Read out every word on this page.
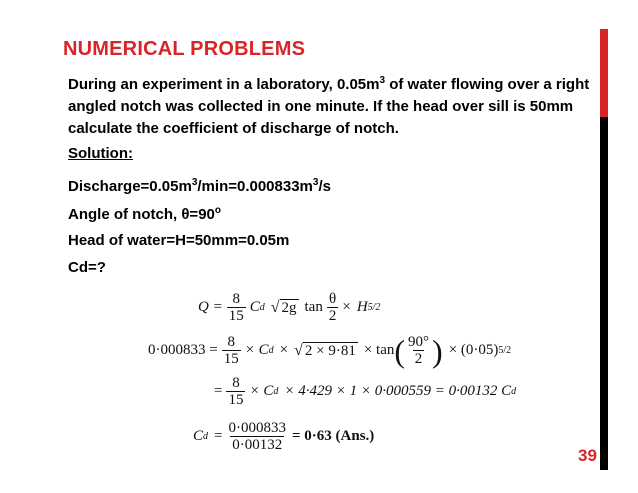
NUMERICAL PROBLEMS
During an experiment in a laboratory, $0.05m^3$ of water flowing over a right angled notch was collected in one minute. If the head over sill is 50mm calculate the coefficient of discharge of notch.
Solution:
$Discharge=0.05m^3/\min=0.000833m^3/s$
Angle of notch, $\theta=90^o$
Head of water=H=50mm=0.05m
Cd=?
$Q = \frac{8}{15}$ C d √ 2g $\tan \frac{\theta}{2} \times H$ 5/2
$0\cdot 000833 = \frac{8}{15} \times C$ d × √ 2 × 9·81 × tan ( $\frac{90^\circ}{2}$ ) × (0·05) 5/2
= $\frac{8}{15} \times C$ d × 4·429 × 1 × 0·000559 = 0·00132 C d
C $d = \frac{0\cdot 000833}{0\cdot 00132} = 0\cdot 63$ (Ans.)
39
